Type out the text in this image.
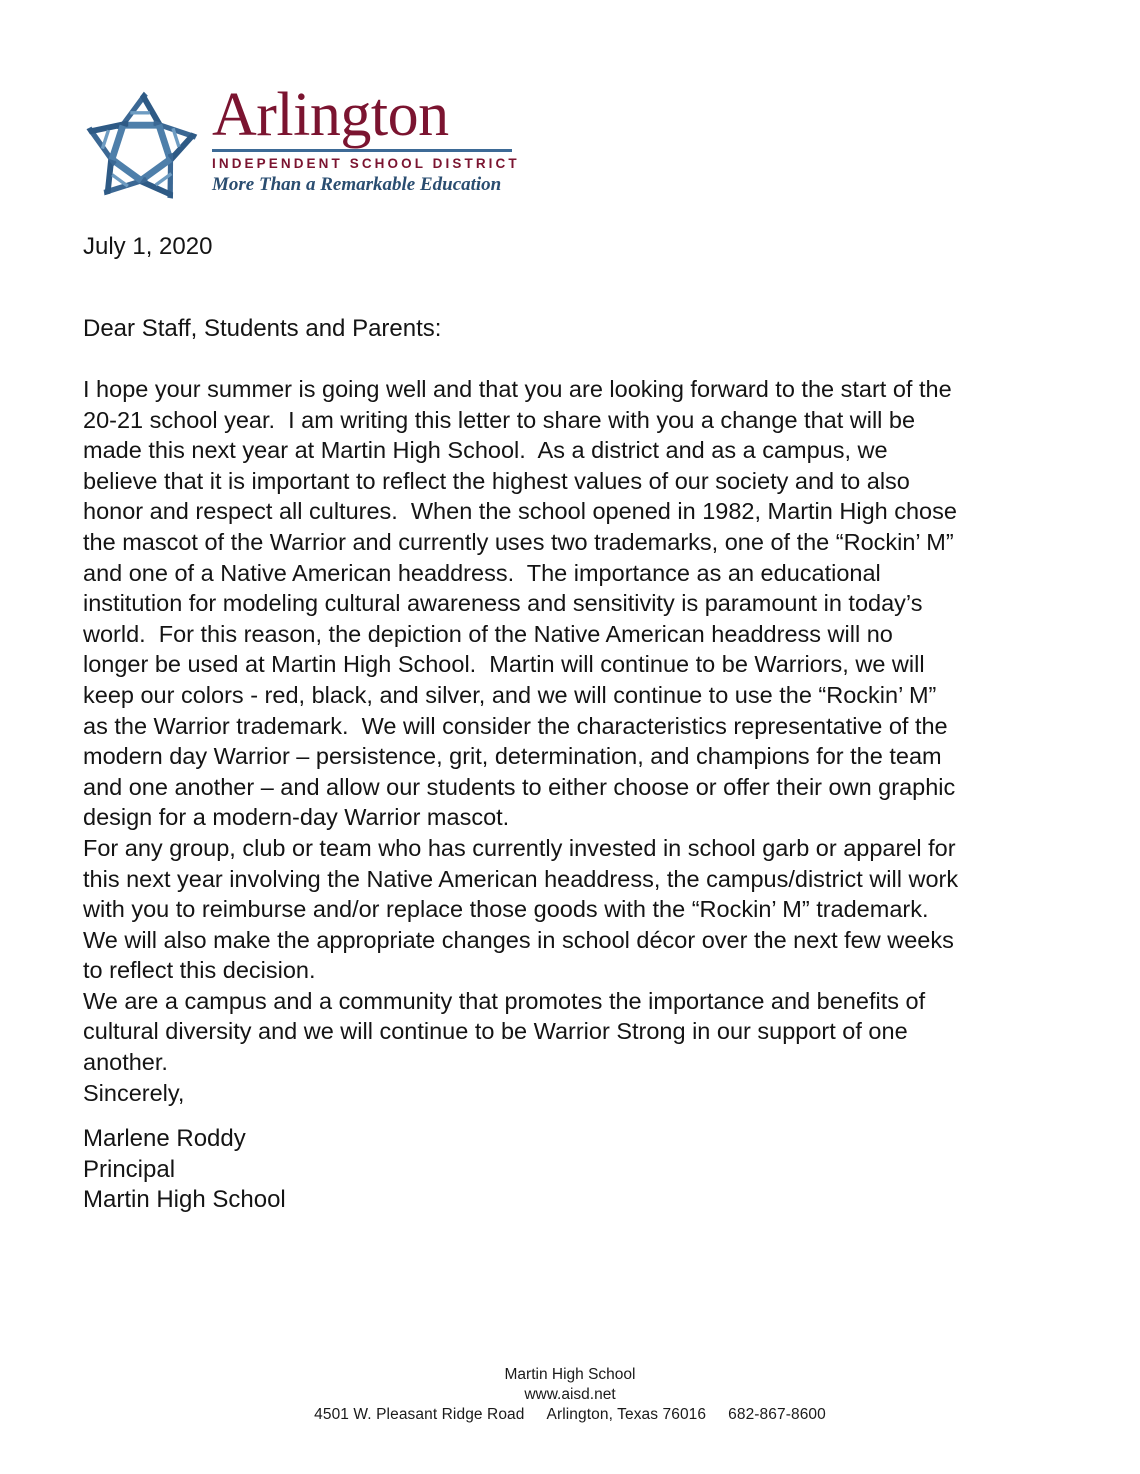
Arlington
INDEPENDENT SCHOOL DISTRICT
More Than a Remarkable Education
July 1, 2020
Dear Staff, Students and Parents:
I hope your summer is going well and that you are looking forward to the start of the
20-21 school year.  I am writing this letter to share with you a change that will be
made this next year at Martin High School.  As a district and as a campus, we
believe that it is important to reflect the highest values of our society and to also
honor and respect all cultures.  When the school opened in 1982, Martin High chose
the mascot of the Warrior and currently uses two trademarks, one of the “Rockin’ M”
and one of a Native American headdress.  The importance as an educational
institution for modeling cultural awareness and sensitivity is paramount in today’s
world.  For this reason, the depiction of the Native American headdress will no
longer be used at Martin High School.  Martin will continue to be Warriors, we will
keep our colors - red, black, and silver, and we will continue to use the “Rockin’ M”
as the Warrior trademark.  We will consider the characteristics representative of the
modern day Warrior – persistence, grit, determination, and champions for the team
and one another – and allow our students to either choose or offer their own graphic
design for a modern-day Warrior mascot.
For any group, club or team who has currently invested in school garb or apparel for
this next year involving the Native American headdress, the campus/district will work
with you to reimburse and/or replace those goods with the “Rockin’ M” trademark.
We will also make the appropriate changes in school décor over the next few weeks
to reflect this decision.
We are a campus and a community that promotes the importance and benefits of
cultural diversity and we will continue to be Warrior Strong in our support of one
another.
Sincerely,
Marlene Roddy
Principal
Martin High School
Martin High School
www.aisd.net
4501 W. Pleasant Ridge Road Arlington, Texas 76016 682-867-8600
